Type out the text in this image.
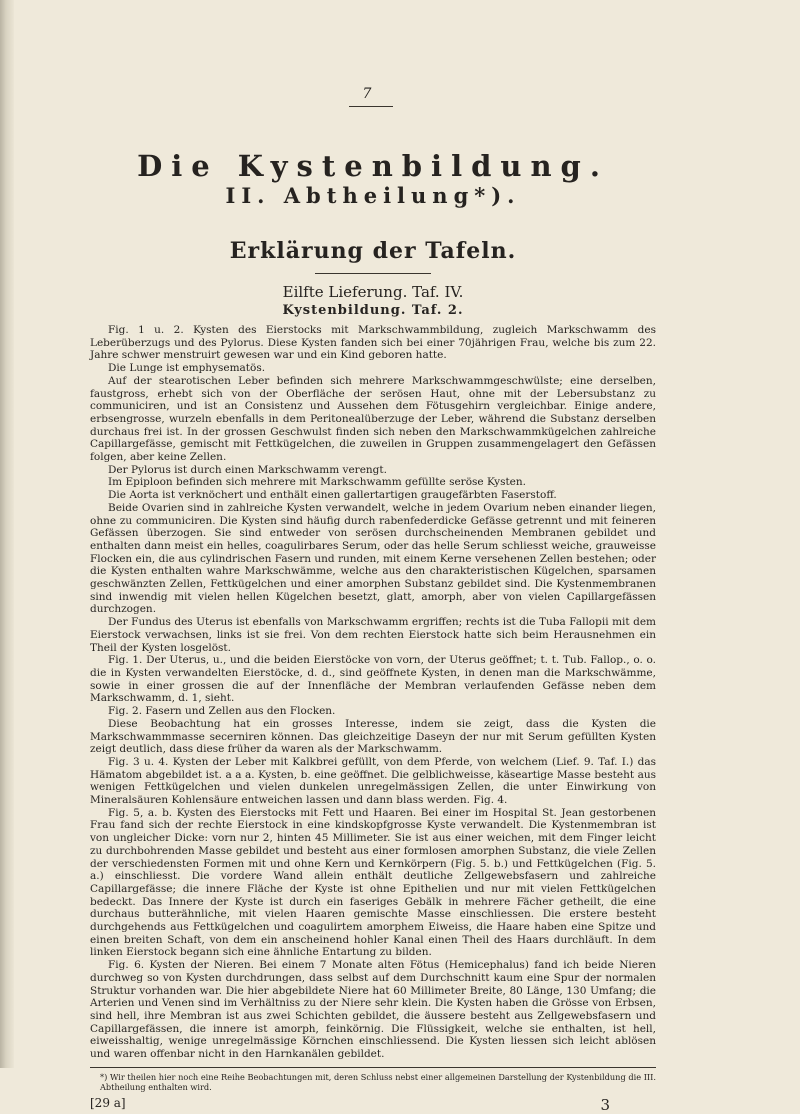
7
Die Kystenbildung.
II. Abtheilung*).
Erklärung der Tafeln.
Eilfte Lieferung. Taf. IV.
Kystenbildung. Taf. 2.

Fig. 1 u. 2. Kysten des Eierstocks mit Markschwammbildung, zugleich Markschwamm des Leberüberzugs und des Pylorus. Diese Kysten fanden sich bei einer 70jährigen Frau, welche bis zum 22. Jahre schwer menstruirt gewesen war und ein Kind geboren hatte.

Die Lunge ist emphysematös.

Auf der stearotischen Leber befinden sich mehrere Markschwammgeschwülste; eine derselben, faustgross, erhebt sich von der Oberfläche der serösen Haut, ohne mit der Lebersubstanz zu communiciren, und ist an Consistenz und Aussehen dem Fötusgehirn vergleichbar. Einige andere, erbsengrosse, wurzeln ebenfalls in dem Peritonealüberzuge der Leber, während die Substanz derselben durchaus frei ist. In der grossen Geschwulst finden sich neben den Markschwammkügelchen zahlreiche Capillargefässe, gemischt mit Fettkügelchen, die zuweilen in Gruppen zusammengelagert den Gefässen folgen, aber keine Zellen.

Der Pylorus ist durch einen Markschwamm verengt.

Im Epiploon befinden sich mehrere mit Markschwamm gefüllte seröse Kysten.

Die Aorta ist verknöchert und enthält einen gallertartigen graugefärbten Faserstoff.

Beide Ovarien sind in zahlreiche Kysten verwandelt, welche in jedem Ovarium neben einander liegen, ohne zu communiciren. Die Kysten sind häufig durch rabenfederdicke Gefässe getrennt und mit feineren Gefässen überzogen. Sie sind entweder von serösen durchscheinenden Membranen gebildet und enthalten dann meist ein helles, coagulirbares Serum, oder das helle Serum schliesst weiche, grauweisse Flocken ein, die aus cylindrischen Fasern und runden, mit einem Kerne versehenen Zellen bestehen; oder die Kysten enthalten wahre Markschwämme, welche aus den charakteristischen Kügelchen, sparsamen geschwänzten Zellen, Fettkügelchen und einer amorphen Substanz gebildet sind. Die Kystenmembranen sind inwendig mit vielen hellen Kügelchen besetzt, glatt, amorph, aber von vielen Capillargefässen durchzogen.

Der Fundus des Uterus ist ebenfalls von Markschwamm ergriffen; rechts ist die Tuba Fallopii mit dem Eierstock verwachsen, links ist sie frei. Von dem rechten Eierstock hatte sich beim Herausnehmen ein Theil der Kysten losgelöst.

Fig. 1. Der Uterus, u., und die beiden Eierstöcke von vorn, der Uterus geöffnet; t. t. Tub. Fallop., o. o. die in Kysten verwandelten Eierstöcke, d. d., sind geöffnete Kysten, in denen man die Markschwämme, sowie in einer grossen die auf der Innenfläche der Membran verlaufenden Gefässe neben dem Markschwamm, d. 1, sieht.

Fig. 2. Fasern und Zellen aus den Flocken.

Diese Beobachtung hat ein grosses Interesse, indem sie zeigt, dass die Kysten die Markschwammmasse secerniren können. Das gleichzeitige Daseyn der nur mit Serum gefüllten Kysten zeigt deutlich, dass diese früher da waren als der Markschwamm.

Fig. 3 u. 4. Kysten der Leber mit Kalkbrei gefüllt, von dem Pferde, von welchem (Lief. 9. Taf. I.) das Hämatom abgebildet ist. a a a. Kysten, b. eine geöffnet. Die gelblichweisse, käseartige Masse besteht aus wenigen Fettkügelchen und vielen dunkelen unregelmässigen Zellen, die unter Einwirkung von Mineralsäuren Kohlensäure entweichen lassen und dann blass werden. Fig. 4.

Fig. 5, a. b. Kysten des Eierstocks mit Fett und Haaren. Bei einer im Hospital St. Jean gestorbenen Frau fand sich der rechte Eierstock in eine kindskopfgrosse Kyste verwandelt. Die Kystenmembran ist von ungleicher Dicke: vorn nur 2, hinten 45 Millimeter. Sie ist aus einer weichen, mit dem Finger leicht zu durchbohrenden Masse gebildet und besteht aus einer formlosen amorphen Substanz, die viele Zellen der verschiedensten Formen mit und ohne Kern und Kernkörpern (Fig. 5. b.) und Fettkügelchen (Fig. 5. a.) einschliesst. Die vordere Wand allein enthält deutliche Zellgewebsfasern und zahlreiche Capillargefässe; die innere Fläche der Kyste ist ohne Epithelien und nur mit vielen Fettkügelchen bedeckt. Das Innere der Kyste ist durch ein faseriges Gebälk in mehrere Fächer getheilt, die eine durchaus butterähnliche, mit vielen Haaren gemischte Masse einschliessen. Die erstere besteht durchgehends aus Fettkügelchen und coagulirtem amorphem Eiweiss, die Haare haben eine Spitze und einen breiten Schaft, von dem ein anscheinend hohler Kanal einen Theil des Haars durchläuft. In dem linken Eierstock begann sich eine ähnliche Entartung zu bilden.

Fig. 6. Kysten der Nieren. Bei einem 7 Monate alten Fötus (Hemicephalus) fand ich beide Nieren durchweg so von Kysten durchdrungen, dass selbst auf dem Durchschnitt kaum eine Spur der normalen Struktur vorhanden war. Die hier abgebildete Niere hat 60 Millimeter Breite, 80 Länge, 130 Umfang; die Arterien und Venen sind im Verhältniss zu der Niere sehr klein. Die Kysten haben die Grösse von Erbsen, sind hell, ihre Membran ist aus zwei Schichten gebildet, die äussere besteht aus Zellgewebsfasern und Capillargefässen, die innere ist amorph, feinkörnig. Die Flüssigkeit, welche sie enthalten, ist hell, eiweisshaltig, wenige unregelmässige Körnchen einschliessend. Die Kysten liessen sich leicht ablösen und waren offenbar nicht in den Harnkanälen gebildet.

*) Wir theilen hier noch eine Reihe Beobachtungen mit, deren Schluss nebst einer allgemeinen Darstellung der Kystenbildung die III. Abtheilung enthalten wird.
[29 a]	3
